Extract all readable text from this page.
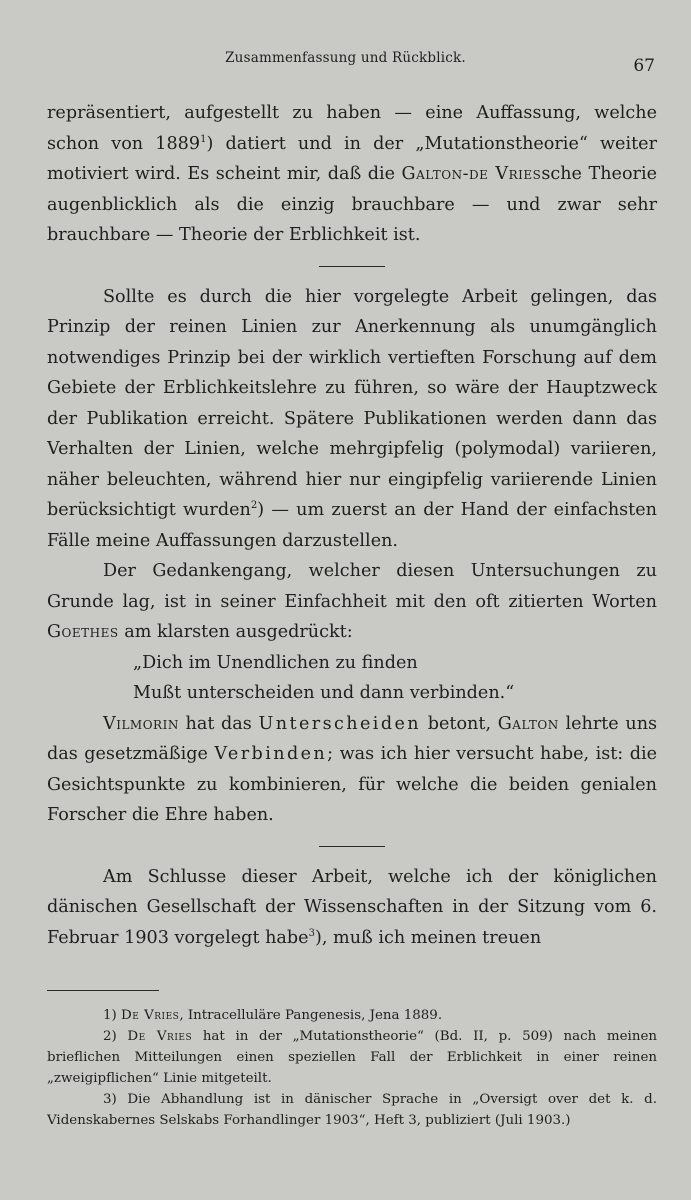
Zusammenfassung und Rückblick.	67

repräsentiert, aufgestellt zu haben — eine Auffassung, welche schon von 1889$^1$) datiert und in der „Mutationstheorie“ weiter motiviert wird. Es scheint mir, daß die Galton-de Vriessche Theorie augenblicklich als die einzig brauchbare — und zwar sehr brauchbare — Theorie der Erblichkeit ist.

Sollte es durch die hier vorgelegte Arbeit gelingen, das Prinzip der reinen Linien zur Anerkennung als unumgänglich notwendiges Prinzip bei der wirklich vertieften Forschung auf dem Gebiete der Erblichkeitslehre zu führen, so wäre der Hauptzweck der Publikation erreicht. Spätere Publikationen werden dann das Verhalten der Linien, welche mehrgipfelig (polymodal) variieren, näher beleuchten, während hier nur eingipfelig variierende Linien berücksichtigt wurden$^2$) — um zuerst an der Hand der einfachsten Fälle meine Auffassungen darzustellen.

Der Gedankengang, welcher diesen Untersuchungen zu Grunde lag, ist in seiner Einfachheit mit den oft zitierten Worten Goethes am klarsten ausgedrückt:

„Dich im Unendlichen zu finden

Mußt unterscheiden und dann verbinden.“

Vilmorin hat das Unterscheiden betont, Galton lehrte uns das gesetzmäßige Verbinden; was ich hier versucht habe, ist: die Gesichtspunkte zu kombinieren, für welche die beiden genialen Forscher die Ehre haben.

Am Schlusse dieser Arbeit, welche ich der königlichen dänischen Gesellschaft der Wissenschaften in der Sitzung vom 6. Februar 1903 vorgelegt habe$^3$), muß ich meinen treuen

1) De Vries, Intracelluläre Pangenesis, Jena 1889.

2) De Vries hat in der „Mutationstheorie“ (Bd. II, p. 509) nach meinen brieflichen Mitteilungen einen speziellen Fall der Erblichkeit in einer reinen „zweigipflichen“ Linie mitgeteilt.

3) Die Abhandlung ist in dänischer Sprache in „Oversigt over det k. d. Videnskabernes Selskabs Forhandlinger 1903“, Heft 3, publiziert (Juli 1903.)
